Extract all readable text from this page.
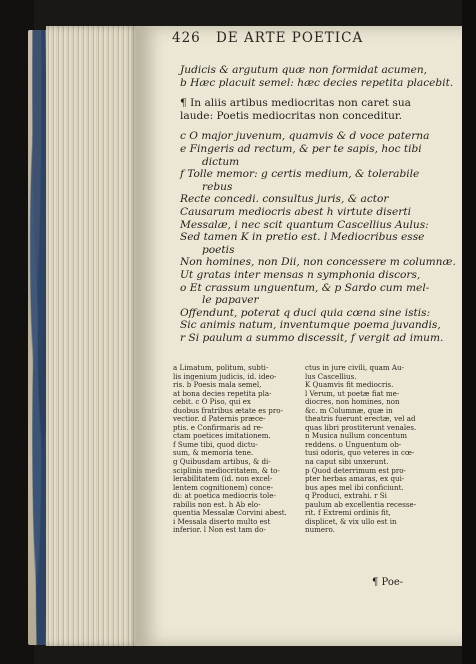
426 DE ARTE POETICA
Judicis & argutum quæ non formidat acumen,
b Hæc placuit semel: hæc decies repetita placebit.
¶ In aliis artibus mediocritas non caret sua
laude: Poetis mediocritas non conceditur.
c O major juvenum, quamvis & d voce paterna
e Fingeris ad rectum, & per te sapis, hoc tibi
dictum
f Tolle memor: g certis medium, & tolerabile
rebus
Recte concedi. consultus juris, & actor
Causarum mediocris abest h virtute diserti
Messalæ, i nec scit quantum Cascellius Aulus:
Sed tamen K in pretio est. l Mediocribus esse
poetis
Non homines, non Dii, non concessere m columnæ.
Ut gratas inter mensas n symphonia discors,
o Et crassum unguentum, & p Sardo cum mel-
le papaver
Offendunt, poterat q duci quia cœna sine istis:
Sic animis natum, inventumque poema juvandis,
r Si paulum a summo discessit, f vergit ad imum.
a Limatum, politum, subti-
lis ingenium judicis, id. ideo-
ris. b Poesis mala semel,
at bona decies repetita pla-
cebit. c O Piso, qui ex
duobus fratribus ætate es pro-
vectior. d Paternis præce-
ptis. e Confirmaris ad re-
ctam poetices imitationem.
f Sume tibi, quod dictu-
sum, & memoria tene.
g Quibusdam artibus, & di-
sciplinis mediocritatem, & to-
lerabilitatem (id. non excel-
lentem cognitionem) conce-
di: at poetica mediocris tole-
rabilis non est. h Ab elo-
quentia Messalæ Corvini abest.
i Messala diserto multo est
inferior. l Non est tam do-
ctus in jure civili, quam Au-
lus Cascellius.
K Quamvis fit mediocris.
l Verum, ut poetæ fiat me-
diocres, non homines, non
&c. m Columnæ, quæ in
theatris fuerunt erectæ, vel ad
quas libri prostiterunt venales.
n Musica nullum concentum
reddens. o Unguentum ob-
tusi odoris, quo veteres in cœ-
na caput sibi unxerunt.
p Quod deterrimum est pro-
pter herbas amaras, ex qui-
bus apes mel ibi conficiunt.
q Produci, extrahi. r Si
paulum ab excellentia recesse-
rit. f Extremi ordinis fit,
displicet, & vix ullo est in
numero.
¶ Poe-
